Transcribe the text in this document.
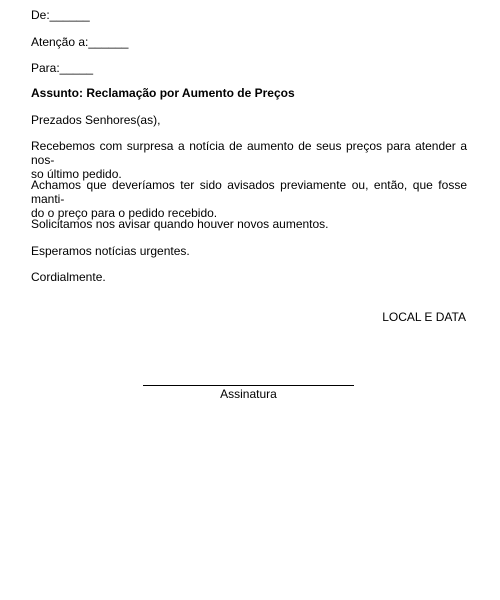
De:______

Atenção a:______

Para:_____

Assunto: Reclamação por Aumento de Preços

Prezados Senhores(as),

Recebemos com surpresa a notícia de aumento de seus preços para atender a nos-
so último pedido.
Achamos que deveríamos ter sido avisados previamente ou, então, que fosse manti-
do o preço para o pedido recebido.
Solicitamos nos avisar quando houver novos aumentos.
Esperamos notícias urgentes.

Cordialmente.

LOCAL E DATA

Assinatura
